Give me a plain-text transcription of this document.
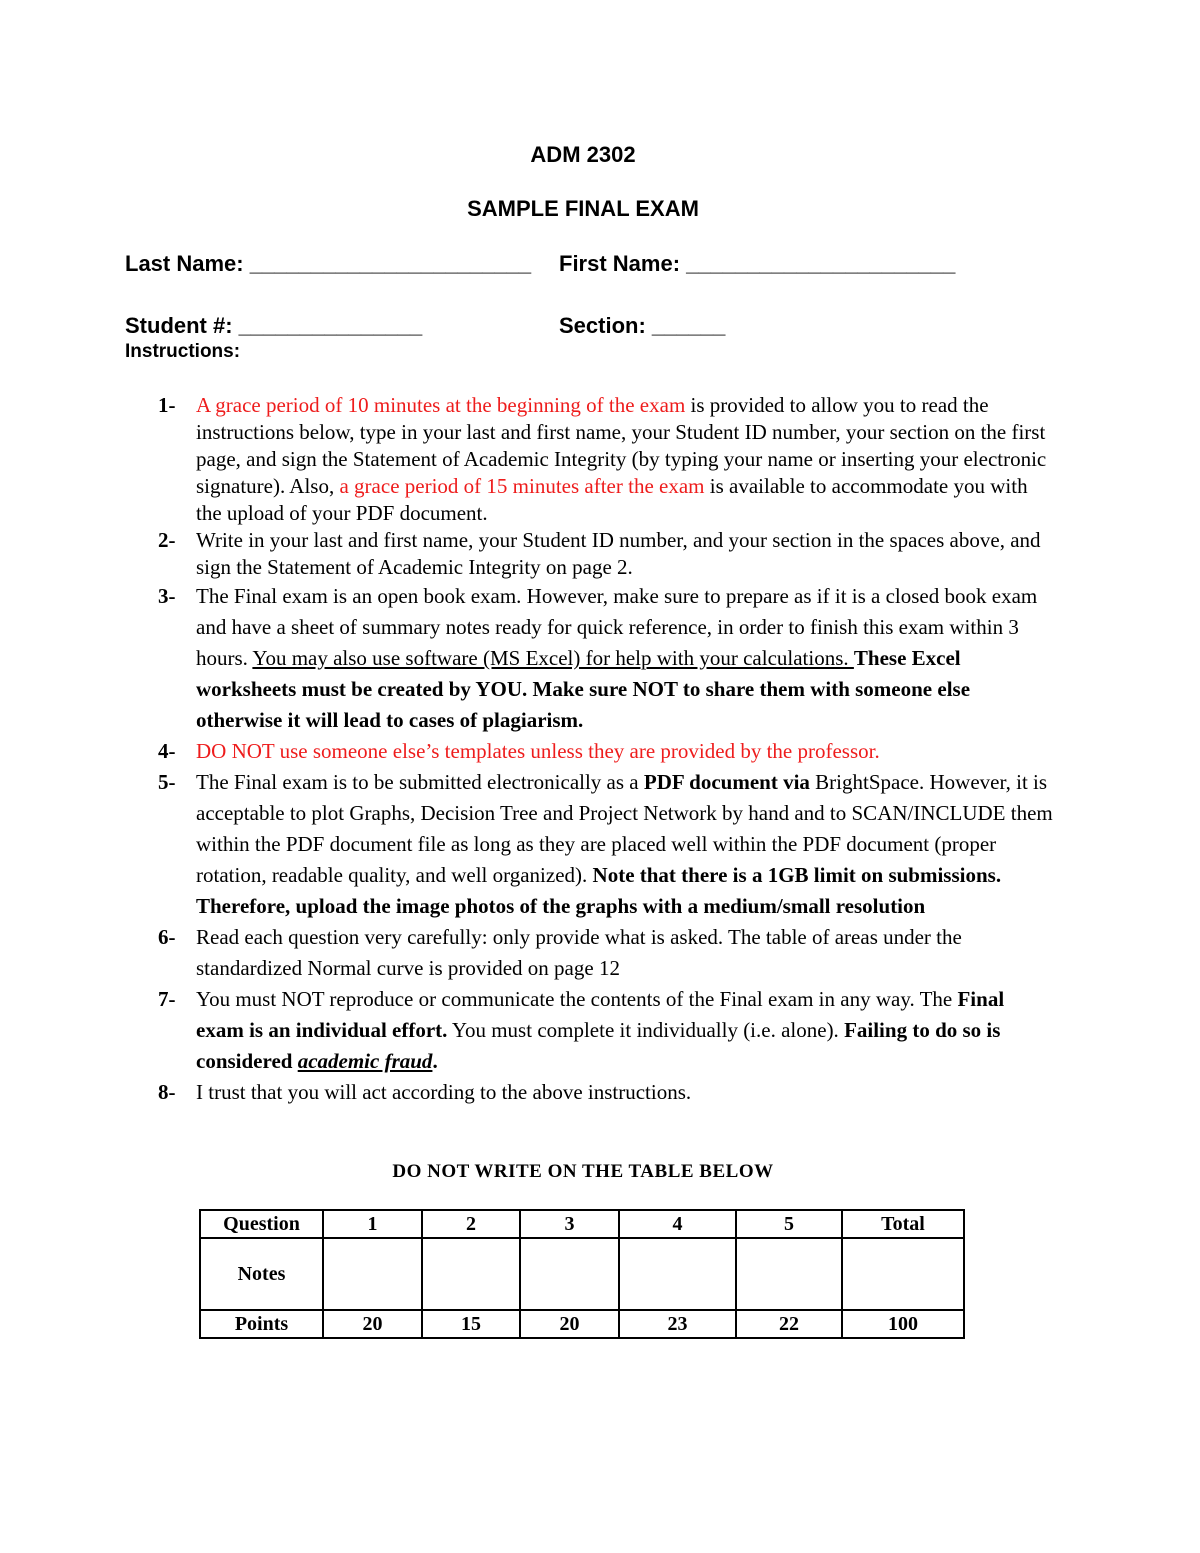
ADM 2302
SAMPLE FINAL EXAM
Last Name: _______________________ First Name: ______________________
Student #: _______________	Section: ______
Instructions:
1- A grace period of 10 minutes at the beginning of the exam is provided to allow you to read the instructions below, type in your last and first name, your Student ID number, your section on the first page, and sign the Statement of Academic Integrity (by typing your name or inserting your electronic signature). Also, a grace period of 15 minutes after the exam is available to accommodate you with the upload of your PDF document.
2- Write in your last and first name, your Student ID number, and your section in the spaces above, and sign the Statement of Academic Integrity on page 2.
3- The Final exam is an open book exam. However, make sure to prepare as if it is a closed book exam and have a sheet of summary notes ready for quick reference, in order to finish this exam within 3 hours. You may also use software (MS Excel) for help with your calculations. These Excel worksheets must be created by YOU. Make sure NOT to share them with someone else otherwise it will lead to cases of plagiarism.
4- DO NOT use someone else’s templates unless they are provided by the professor.
5- The Final exam is to be submitted electronically as a PDF document via BrightSpace. However, it is acceptable to plot Graphs, Decision Tree and Project Network by hand and to SCAN/INCLUDE them within the PDF document file as long as they are placed well within the PDF document (proper rotation, readable quality, and well organized). Note that there is a 1GB limit on submissions. Therefore, upload the image photos of the graphs with a medium/small resolution
6- Read each question very carefully: only provide what is asked. The table of areas under the standardized Normal curve is provided on page 12
7- You must NOT reproduce or communicate the contents of the Final exam in any way. The Final exam is an individual effort. You must complete it individually (i.e. alone). Failing to do so is considered academic fraud.
8- I trust that you will act according to the above instructions.
DO NOT WRITE ON THE TABLE BELOW
Question	1	2	3	4	5	Total
Notes						
Points	20	15	20	23	22	100
